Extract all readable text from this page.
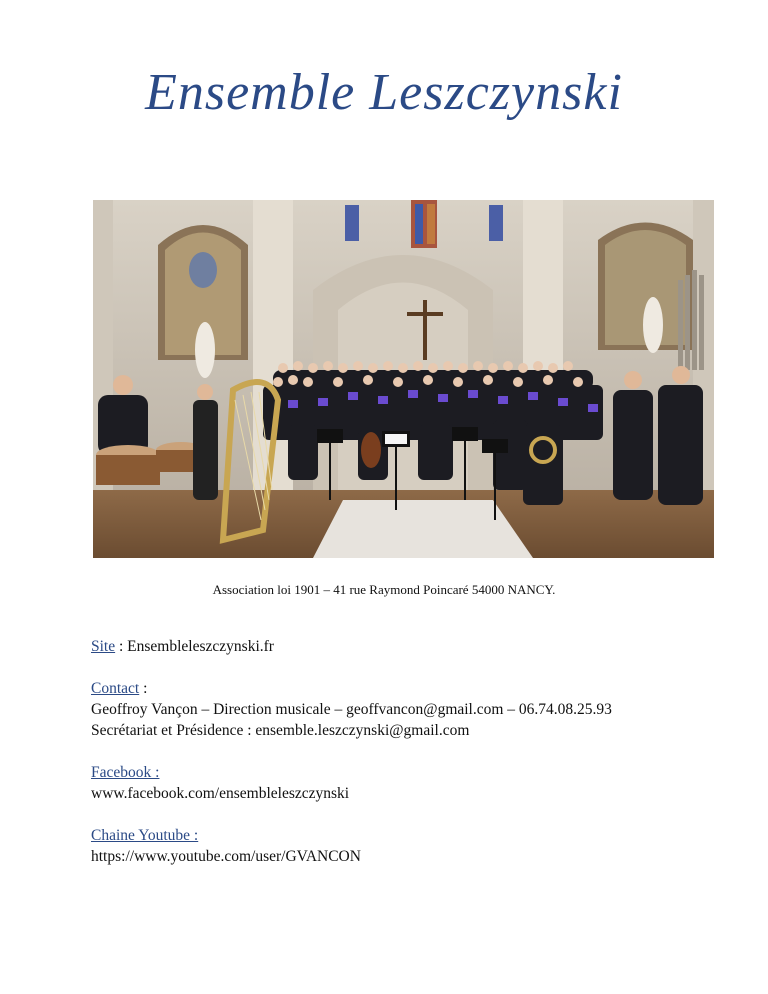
Ensemble Leszczynski
Association loi 1901 – 41 rue Raymond Poincaré 54000 NANCY.
Site : Ensembleleszczynski.fr
Contact :
Geoffroy Vançon – Direction musicale – geoffvancon@gmail.com – 06.74.08.25.93
Secrétariat et Présidence : ensemble.leszczynski@gmail.com
Facebook :
www.facebook.com/ensembleleszczynski
Chaine Youtube :
https://www.youtube.com/user/GVANCON
